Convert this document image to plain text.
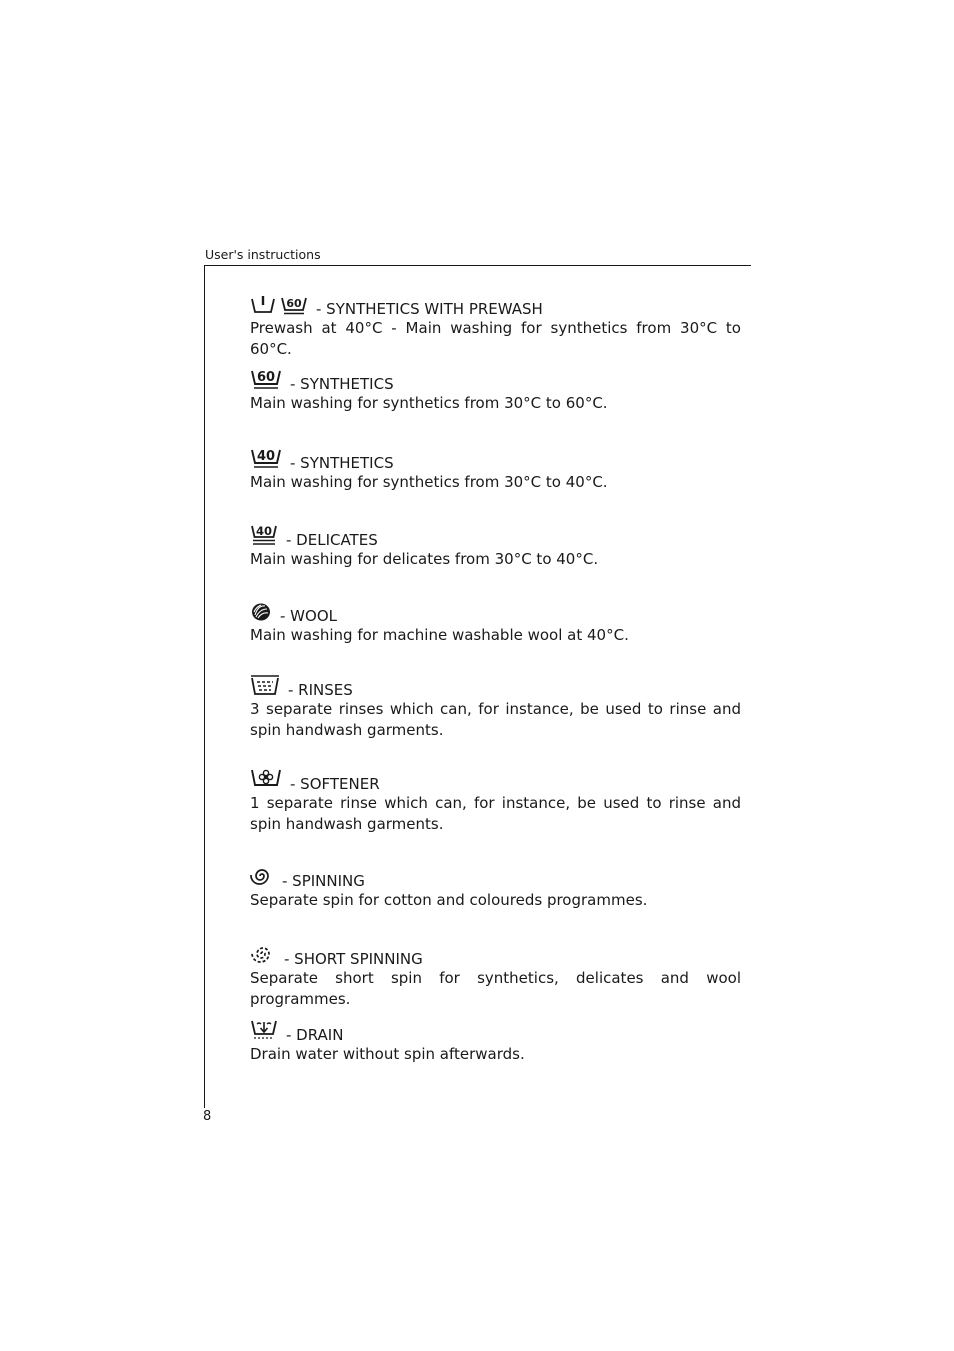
User's instructions
8
60 - SYNTHETICS WITH PREWASH
Prewash at 40°C - Main washing for synthetics from 30°C to 60°C.
60 - SYNTHETICS
Main washing for synthetics from 30°C to 60°C.
40 - SYNTHETICS
Main washing for synthetics from 30°C to 40°C.
40 - DELICATES
Main washing for delicates from 30°C to 40°C.
- WOOL
Main washing for machine washable wool at 40°C.
- RINSES
3 separate rinses which can, for instance, be used to rinse and spin handwash garments.
- SOFTENER
1 separate rinse which can, for instance, be used to rinse and spin handwash garments.
- SPINNING
Separate spin for cotton and coloureds programmes.
- SHORT SPINNING
Separate short spin for synthetics, delicates and wool programmes.
- DRAIN
Drain water without spin afterwards.
